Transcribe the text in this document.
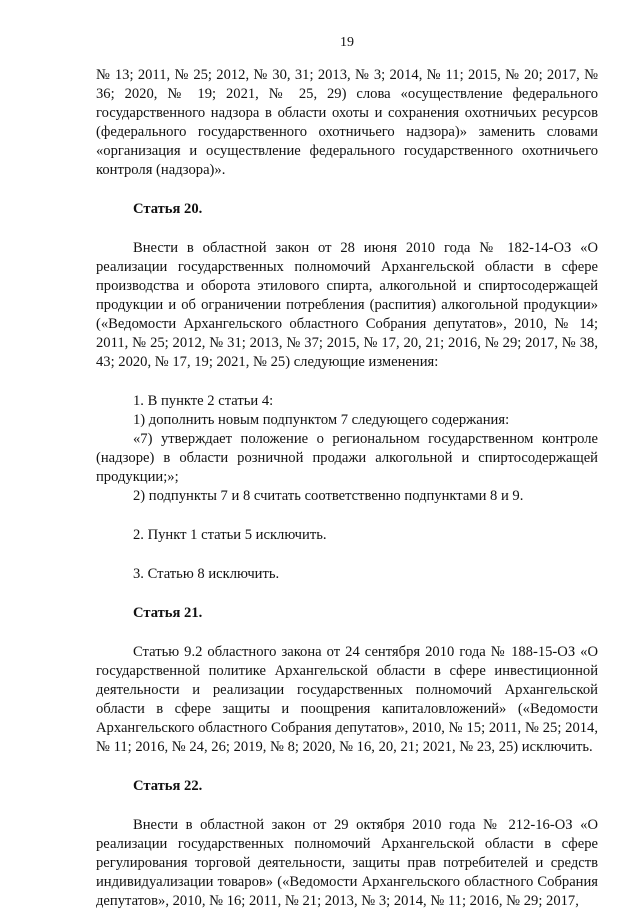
19

№ 13; 2011, № 25; 2012, № 30, 31; 2013, № 3; 2014, № 11; 2015, № 20; 2017, № 36; 2020, № 19; 2021, № 25, 29) слова «осуществление федерального государственного надзора в области охоты и сохранения охотничьих ресурсов (федерального государственного охотничьего надзора)» заменить словами «организация и осуществление федерального государственного охотничьего контроля (надзора)».

Статья 20.

Внести в областной закон от 28 июня 2010 года № 182-14-ОЗ «О реализации государственных полномочий Архангельской области в сфере производства и оборота этилового спирта, алкогольной и спиртосодержащей продукции и об ограничении потребления (распития) алкогольной продукции» («Ведомости Архангельского областного Собрания депутатов», 2010, № 14; 2011, № 25; 2012, № 31; 2013, № 37; 2015, № 17, 20, 21; 2016, № 29; 2017, № 38, 43; 2020, № 17, 19; 2021, № 25) следующие изменения:

1. В пункте 2 статьи 4:

1) дополнить новым подпунктом 7 следующего содержания:

«7) утверждает положение о региональном государственном контроле (надзоре) в области розничной продажи алкогольной и спиртосодержащей продукции;»;

2) подпункты 7 и 8 считать соответственно подпунктами 8 и 9.

2. Пункт 1 статьи 5 исключить.

3. Статью 8 исключить.

Статья 21.

Статью 9.2 областного закона от 24 сентября 2010 года № 188-15-ОЗ «О государственной политике Архангельской области в сфере инвестиционной деятельности и реализации государственных полномочий Архангельской области в сфере защиты и поощрения капиталовложений» («Ведомости Архангельского областного Собрания депутатов», 2010, № 15; 2011, № 25; 2014, № 11; 2016, № 24, 26; 2019, № 8; 2020, № 16, 20, 21; 2021, № 23, 25) исключить.

Статья 22.

Внести в областной закон от 29 октября 2010 года № 212-16-ОЗ «О реализации государственных полномочий Архангельской области в сфере регулирования торговой деятельности, защиты прав потребителей и средств индивидуализации товаров» («Ведомости Архангельского областного Собрания депутатов», 2010, № 16; 2011, № 21; 2013, № 3; 2014, № 11; 2016, № 29; 2017,
